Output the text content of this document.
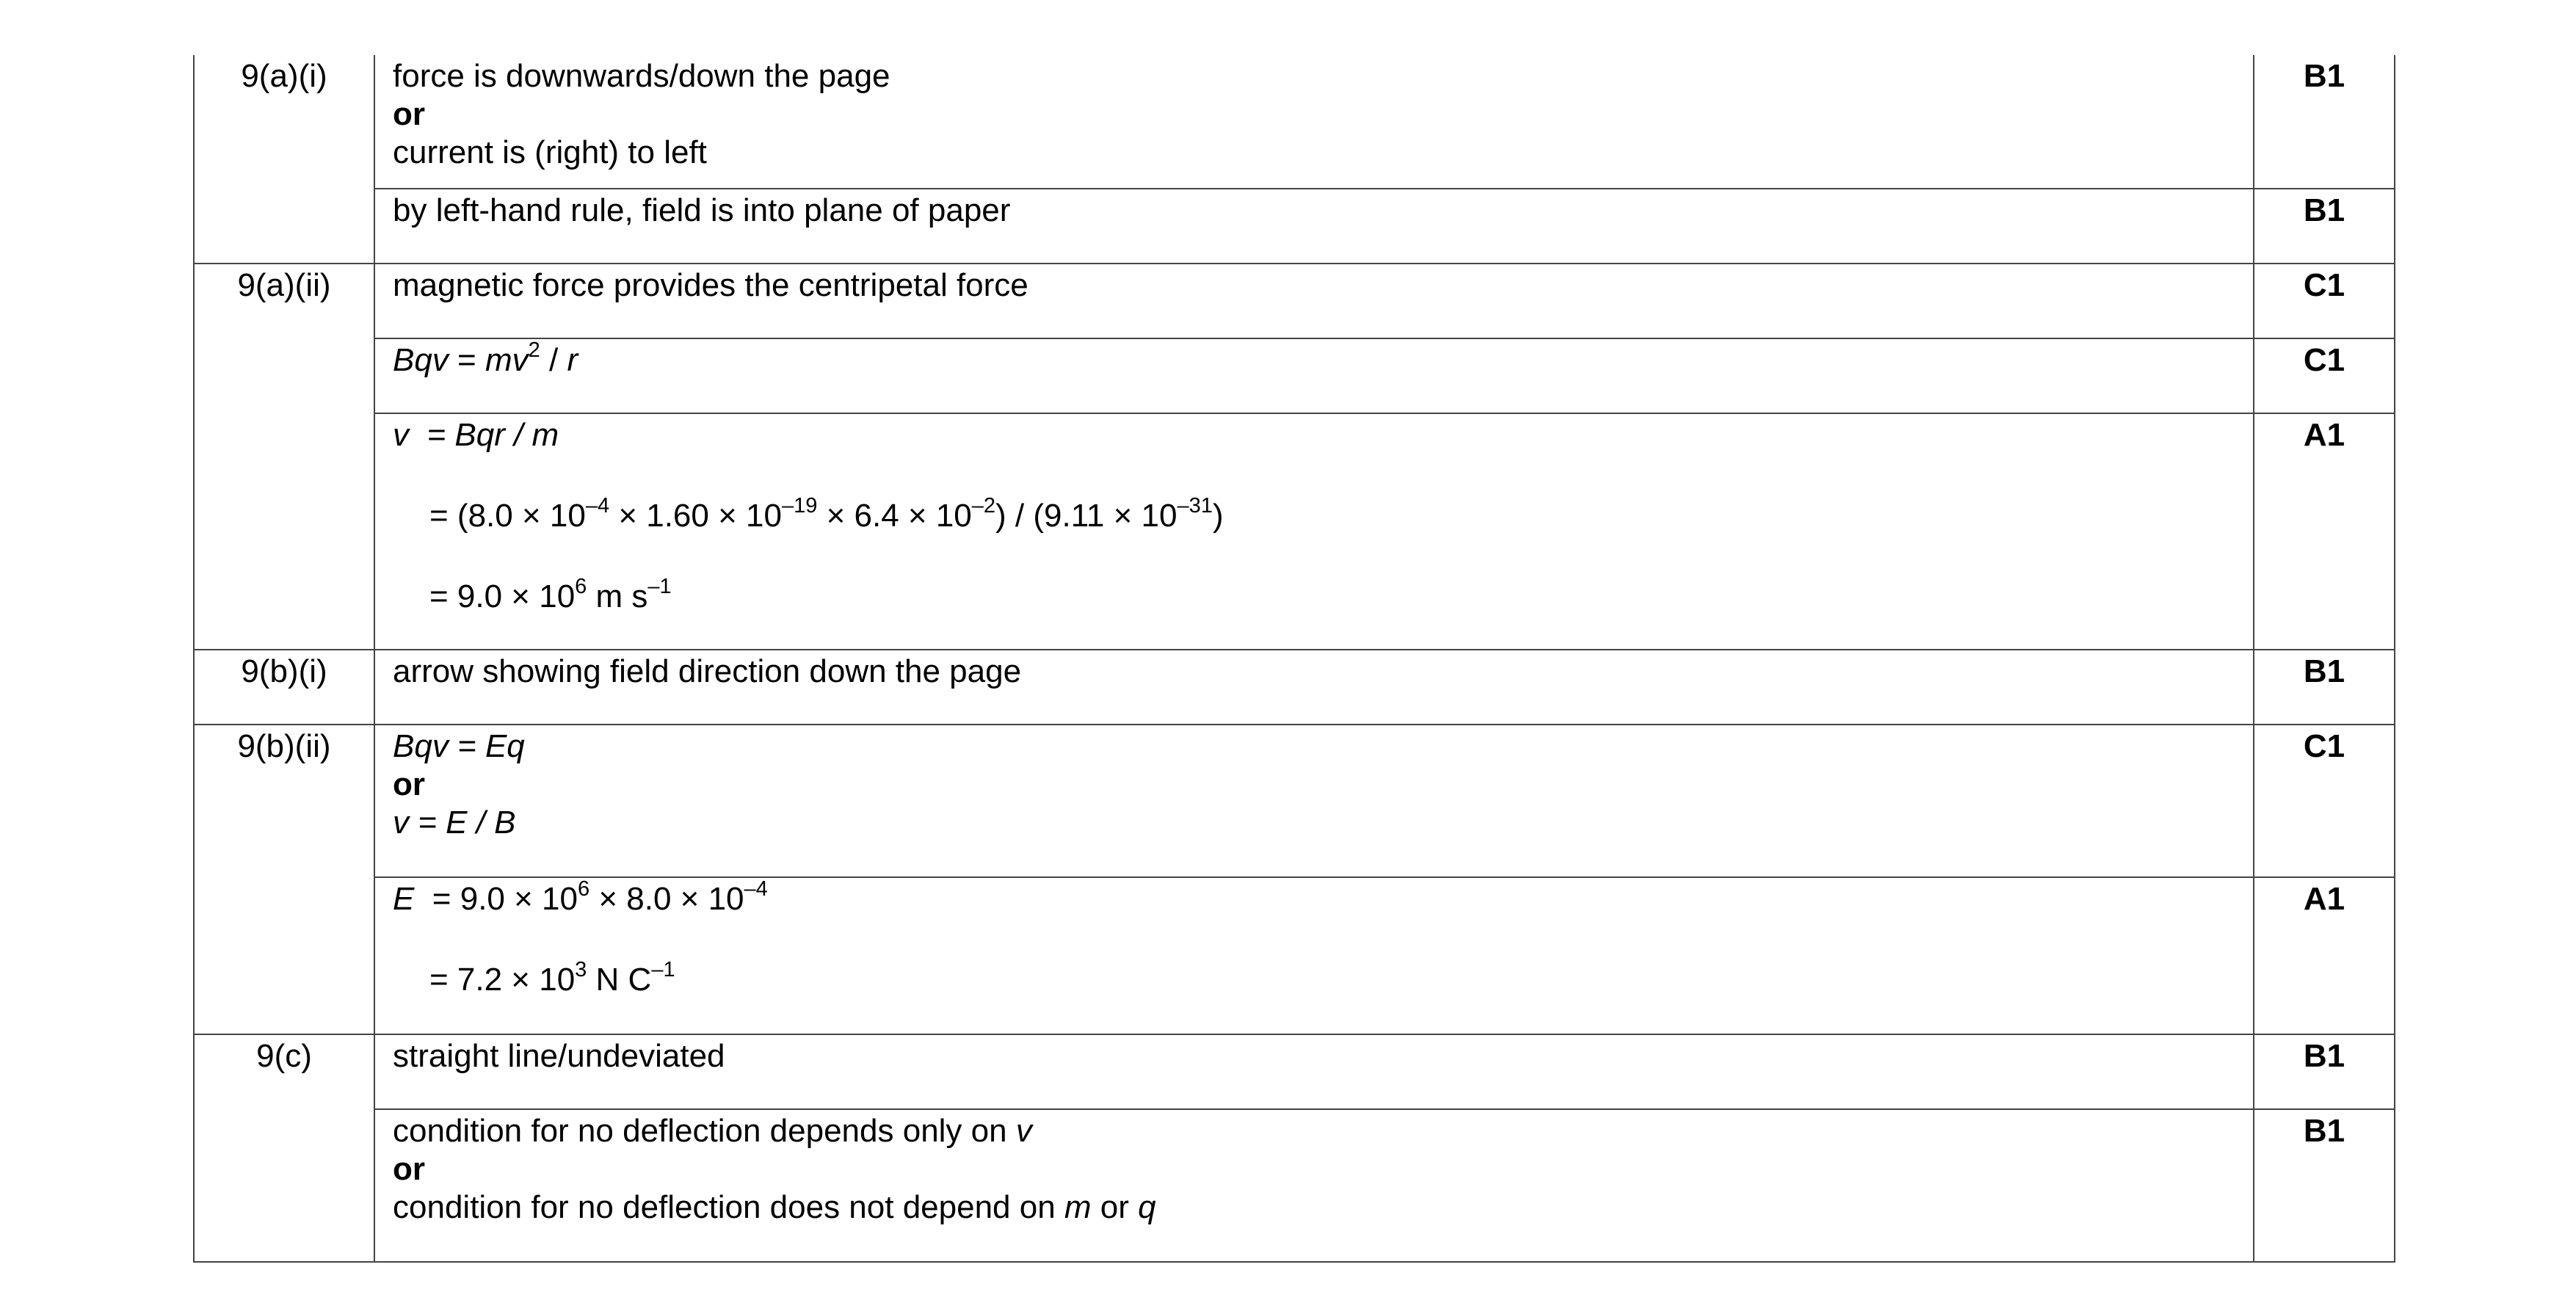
9(a)(i)	force is downwards/down the page
or
current is (right) to left	B1
	by left-hand rule, field is into plane of paper	B1
9(a)(ii)	magnetic force provides the centripetal force	C1

	Bqv = $mv^2$ / r	C1

	v  = Bqr / m
= $(8.0 \times 10^{-4} \times 1.60 \times 10^{-19} \times 6.4 \times 10^{-2}) / (9.11 \times 10^{-31})$
= $9.0 \times 10^6$ m $s^{-1}$	A1
9(b)(i)	arrow showing field direction down the page	B1
9(b)(ii)	Bqv = Eq
or
v = E / B	C1

	$E = 9.0 \times 10^6 \times 8.0 \times 10^{-4}$
= $7.2 \times 10^3$ N $C^{-1}$	A1
9(c)	straight line/undeviated	B1

	condition for no deflection depends only on v
or
condition for no deflection does not depend on m or q	B1
